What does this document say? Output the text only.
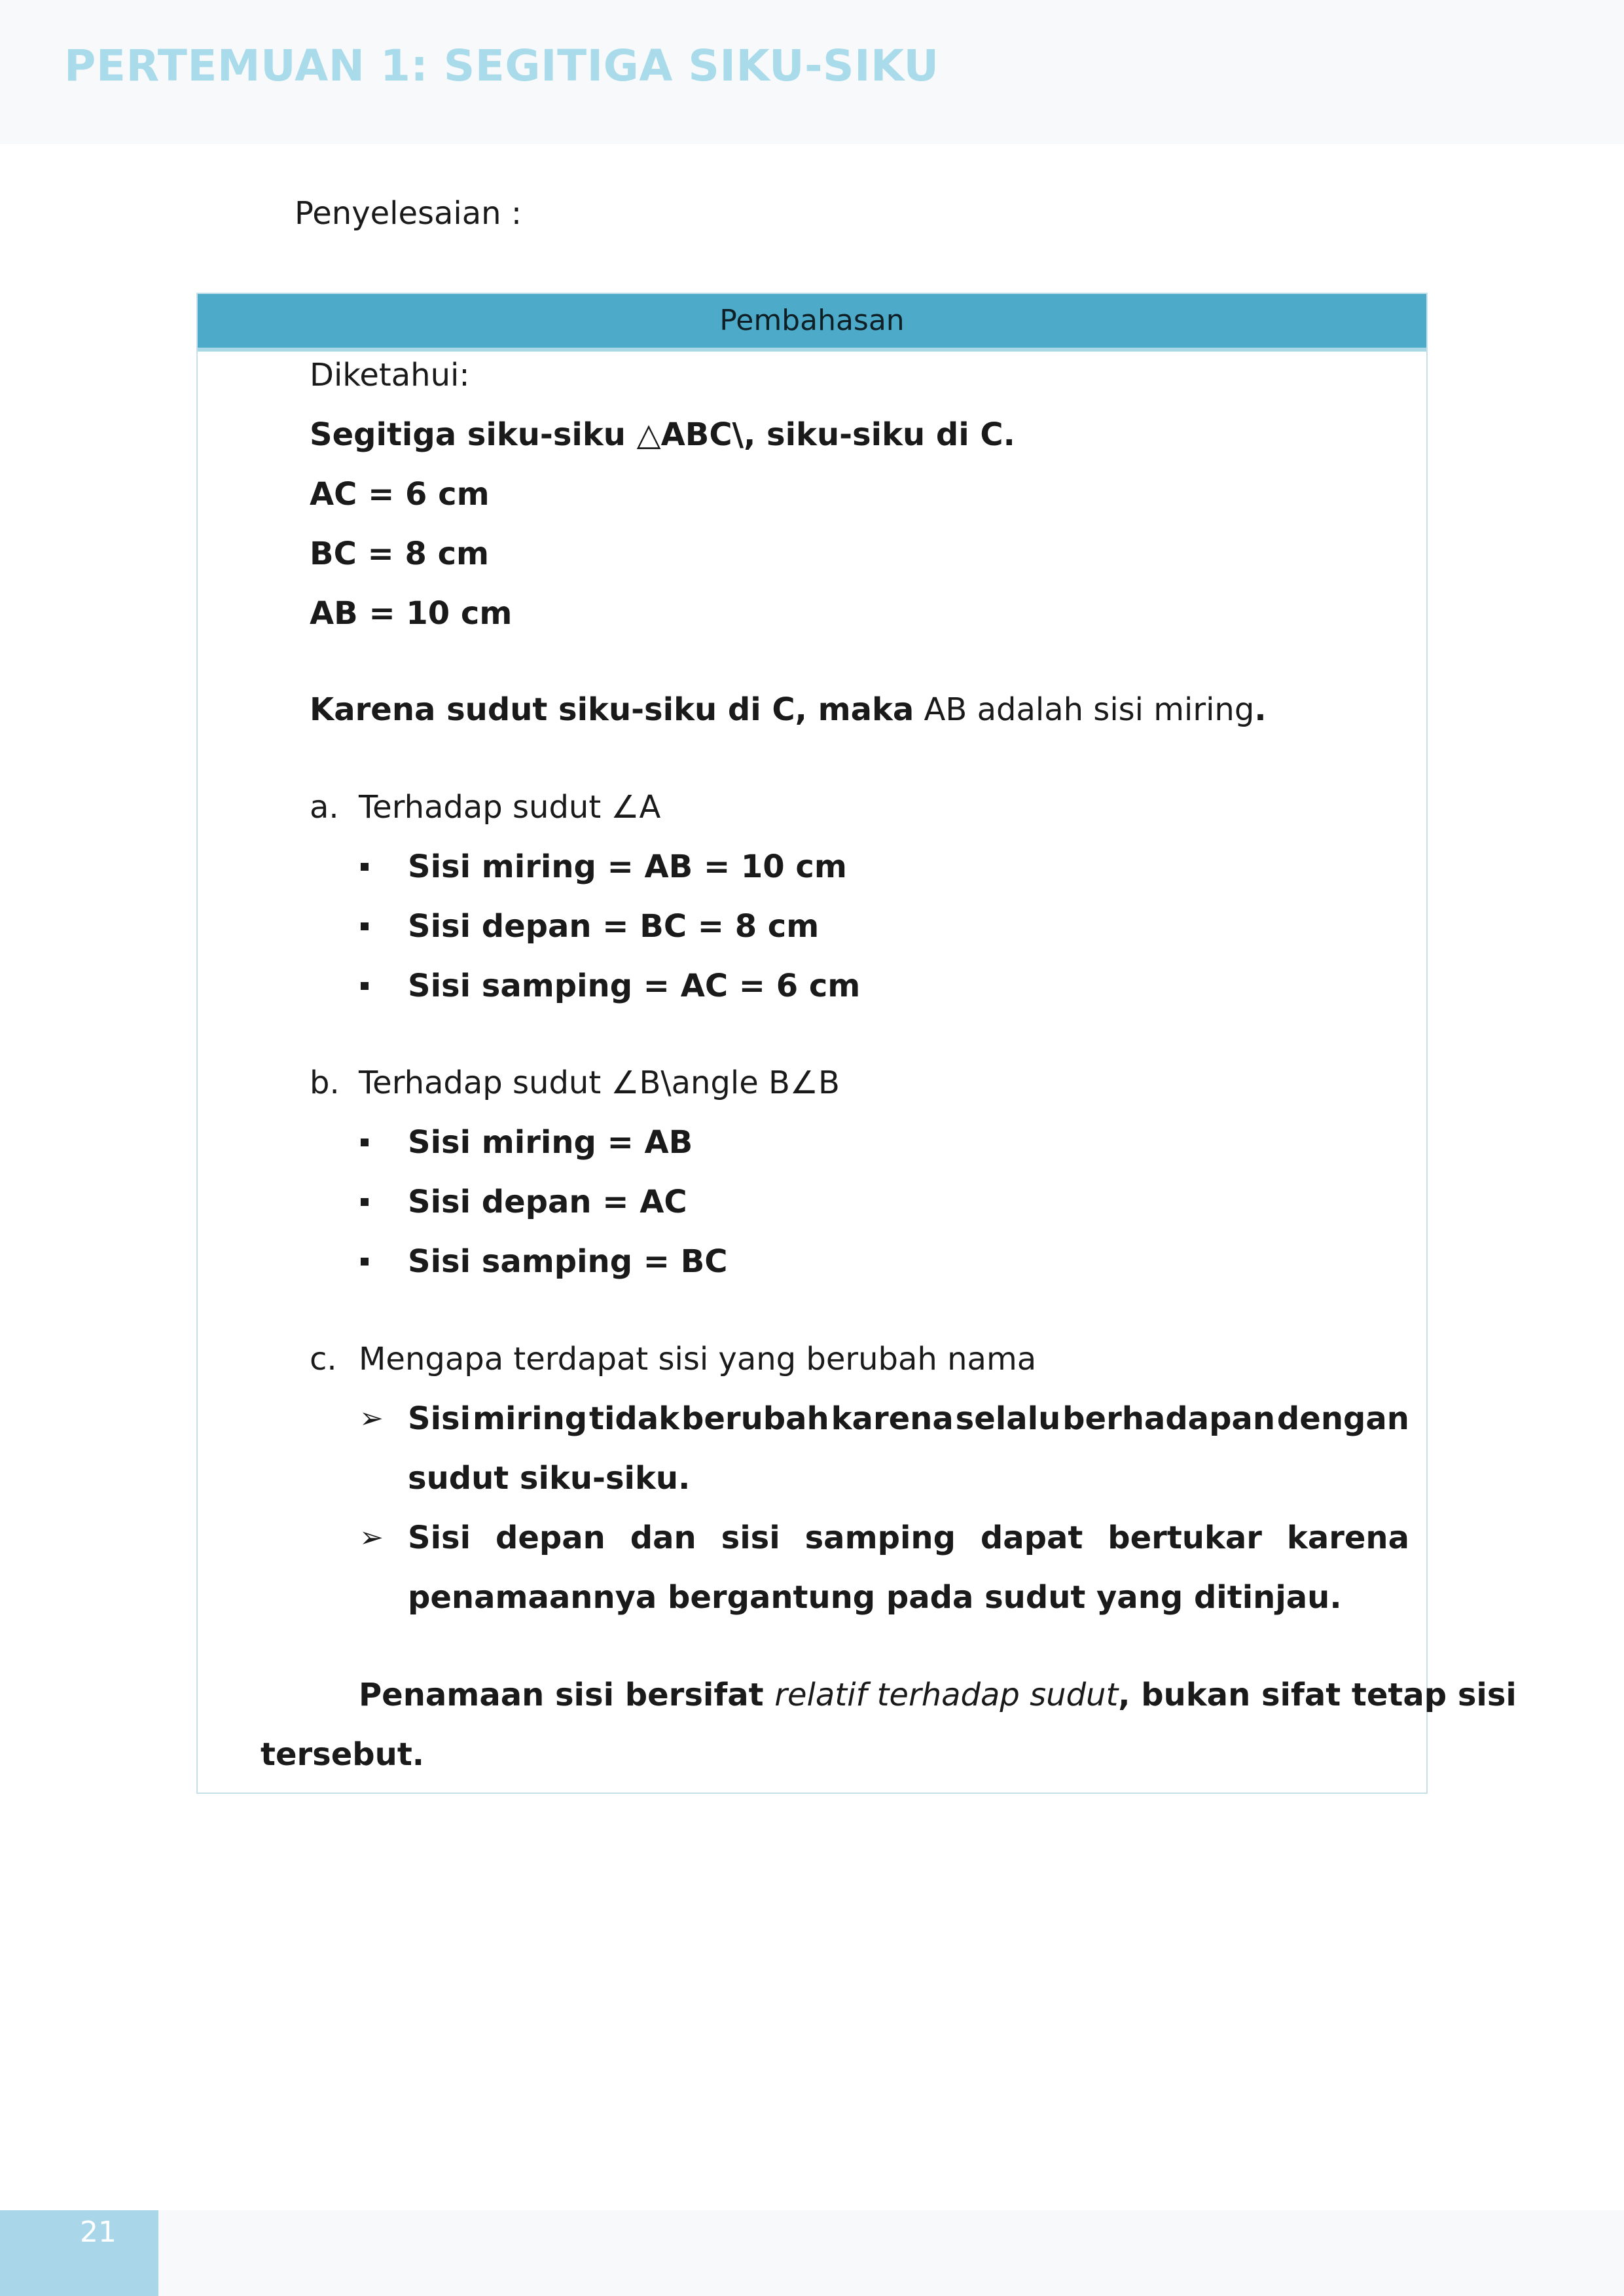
PERTEMUAN 1: SEGITIGA SIKU-SIKU
Penyelesaian :
Pembahasan
Diketahui:
Segitiga siku-siku △ABC\, siku-siku di C.
AC = 6 cm
BC = 8 cm
AB = 10 cm
Karena sudut siku-siku di C, maka AB adalah sisi miring.
a. Terhadap sudut ∠A
Sisi miring = AB = 10 cm
Sisi depan = BC = 8 cm
Sisi samping = AC = 6 cm
b. Terhadap sudut ∠B\angle B∠B
Sisi miring = AB
Sisi depan = AC
Sisi samping = BC
c. Mengapa terdapat sisi yang berubah nama
➢ Sisi miring tidak berubah karena selalu berhadapan dengan
sudut siku-siku.
➢ Sisi depan dan sisi samping dapat bertukar karena
penamaannya bergantung pada sudut yang ditinjau.
Penamaan sisi bersifat relatif terhadap sudut, bukan sifat tetap sisi
tersebut.
21
